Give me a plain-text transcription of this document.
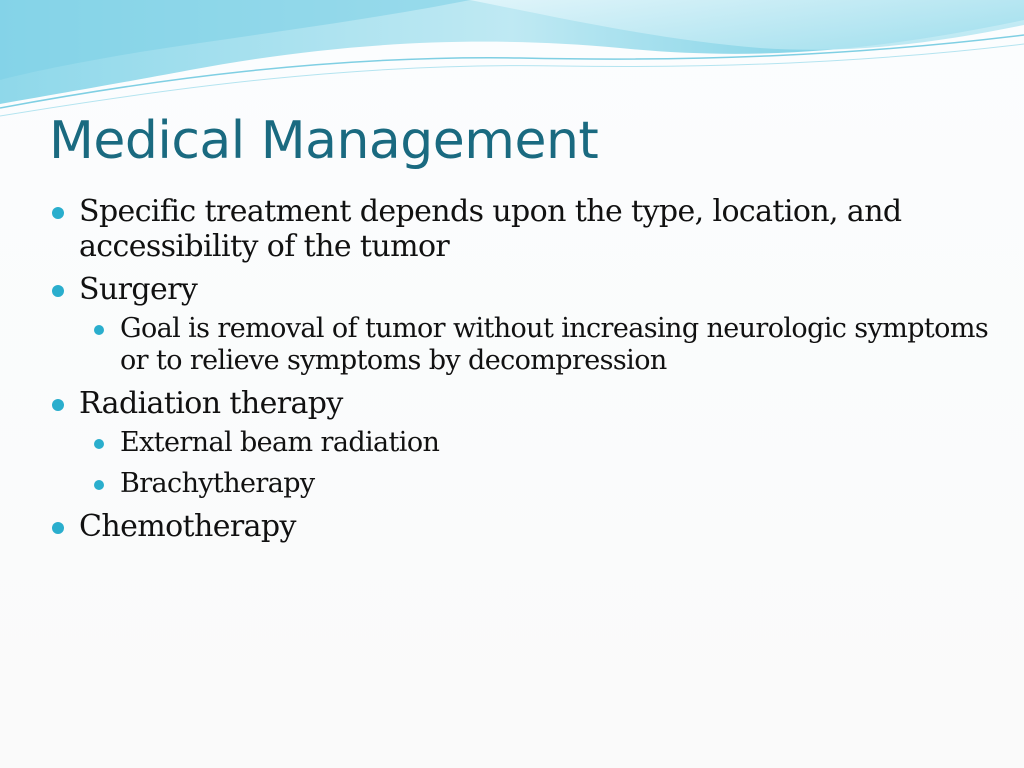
Medical Management
Specific treatment depends upon the type, location, and accessibility of the tumor
Surgery
Goal is removal of tumor without increasing neurologic symptoms or to relieve symptoms by decompression
Radiation therapy
External beam radiation
Brachytherapy
Chemotherapy
